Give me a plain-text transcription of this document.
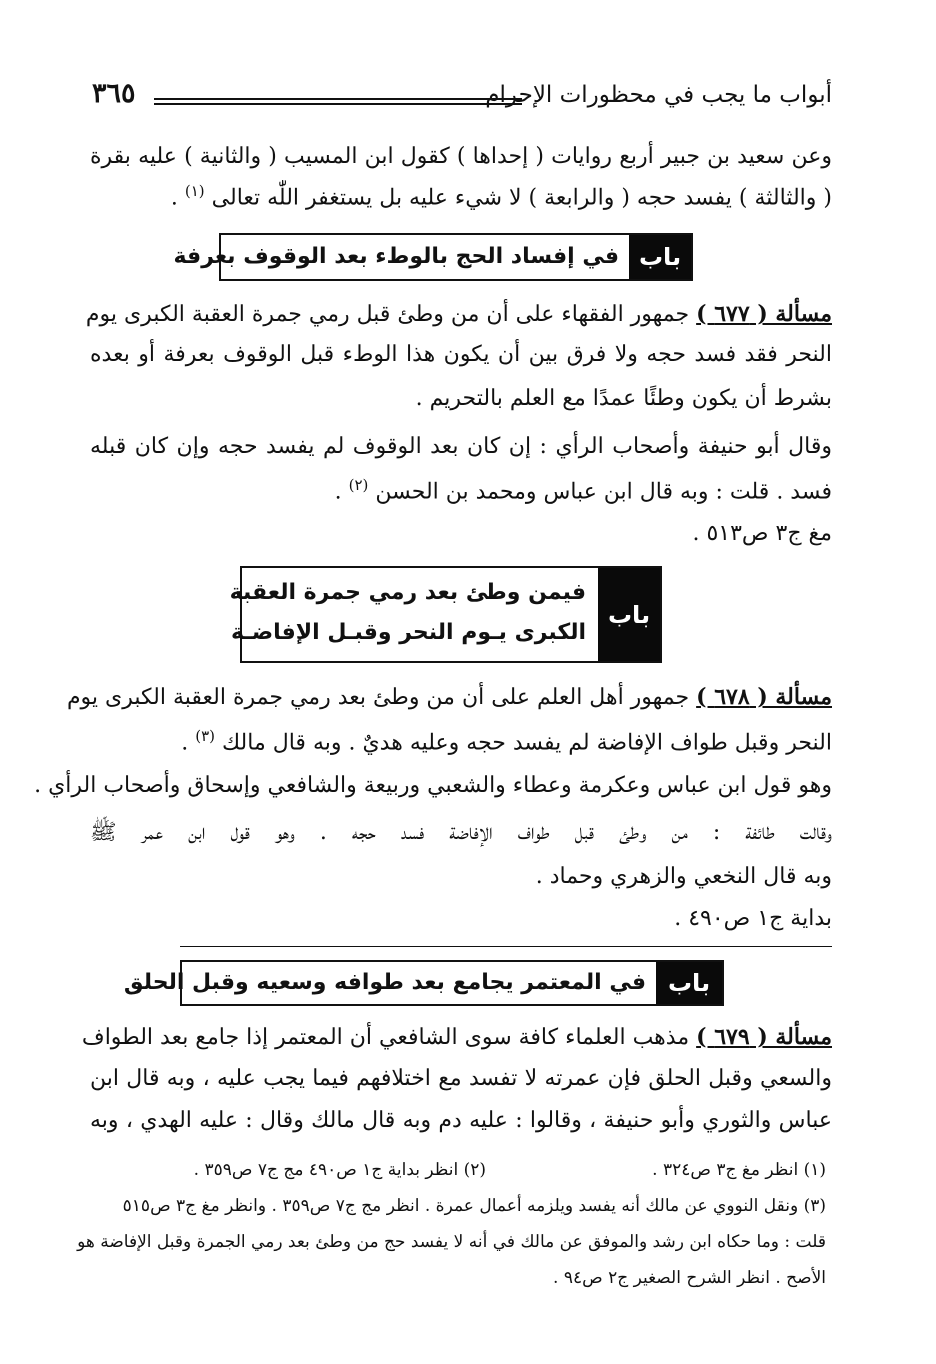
أبواب ما يجب في محظورات الإحرام
٣٦٥
وعن سعيد بن جبير أربع روايات ( إحداها ) كقول ابن المسيب ( والثانية ) عليه بقرة
( والثالثة ) يفسد حجه ( والرابعة ) لا شيء عليه بل يستغفر اللّٰه تعالى $^{(١)}$ .
باب
في إفساد الحج بالوطء بعد الوقوف بعرفة
مسألة ( ٦٧٧ ) جمهور الفقهاء على أن من وطئ قبل رمي جمرة العقبة الكبرى يوم
النحر فقد فسد حجه ولا فرق بين أن يكون هذا الوطء قبل الوقوف بعرفة أو بعده
بشرط أن يكون وطئًا عمدًا مع العلم بالتحريم .
وقال أبو حنيفة وأصحاب الرأي : إن كان بعد الوقوف لم يفسد حجه وإن كان قبله
فسد . قلت : وبه قال ابن عباس ومحمد بن الحسن $^{(٢)}$ .
مغ ج٣ ص٥١٣ .
باب
فيمن وطئ بعد رمي جمرة العقبة
الكبرى يـوم النحر وقبـل الإفاضـة
مسألة ( ٦٧٨ ) جمهور أهل العلم على أن من وطئ بعد رمي جمرة العقبة الكبرى يوم
النحر وقبل طواف الإفاضة لم يفسد حجه وعليه هديٌ . وبه قال مالك $^{(٣)}$ .
وهو قول ابن عباس وعكرمة وعطاء والشعبي وربيعة والشافعي وإسحاق وأصحاب الرأي .
وقالت طائفة : من وطئ قبل طواف الإفاضة فسد حجه . وهو قول ابن عمر ﷺ
وبه قال النخعي والزهري وحماد .
بداية ج١ ص٤٩٠ .
باب
في المعتمر يجامع بعد طوافه وسعيه وقبل الحلق
مسألة ( ٦٧٩ ) مذهب العلماء كافة سوى الشافعي أن المعتمر إذا جامع بعد الطواف
والسعي وقبل الحلق فإن عمرته لا تفسد مع اختلافهم فيما يجب عليه ، وبه قال ابن
عباس والثوري وأبو حنيفة ، وقالوا : عليه دم وبه قال مالك وقال : عليه الهدي ، وبه
(١) انظر مغ ج٣ ص٣٢٤ .
(٢) انظر بداية ج١ ص٤٩٠ مج ج٧ ص٣٥٩ .
(٣) ونقل النووي عن مالك أنه يفسد ويلزمه أعمال عمرة . انظر مج ج٧ ص٣٥٩ . وانظر مغ ج٣ ص٥١٥
قلت : وما حكاه ابن رشد والموفق عن مالك في أنه لا يفسد حج من وطئ بعد رمي الجمرة وقبل الإفاضة هو
الأصح . انظر الشرح الصغير ج٢ ص٩٤ .
